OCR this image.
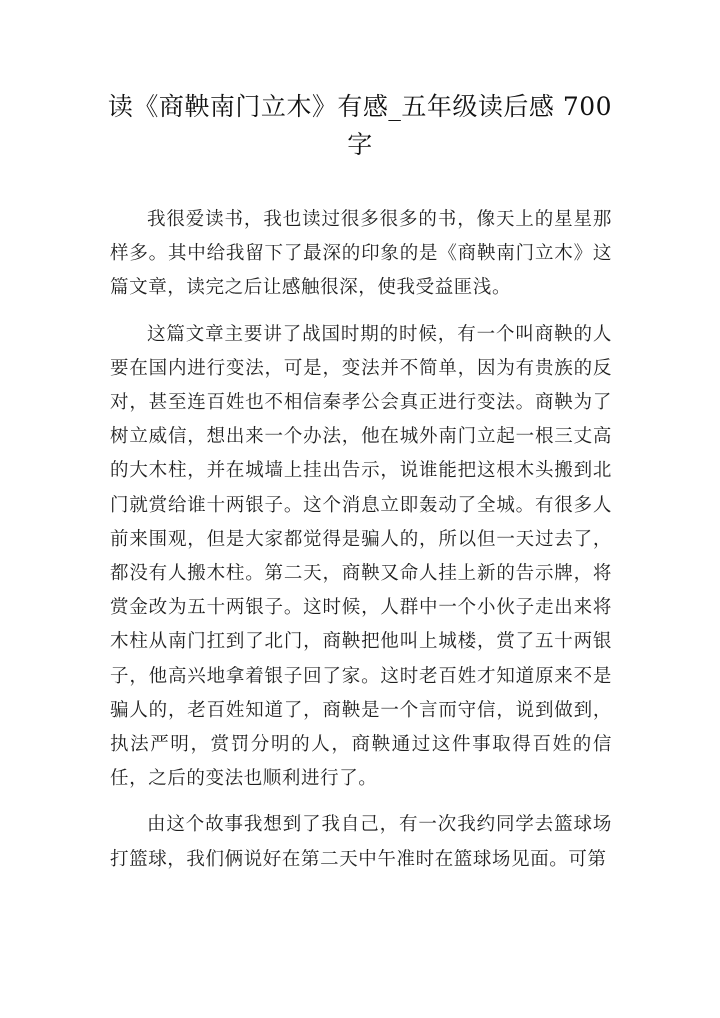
读《商鞅南门立木》有感_五年级读后感 700 字

我很爱读书，我也读过很多很多的书，像天上的星星那样多。其中给我留下了最深的印象的是《商鞅南门立木》这篇文章，读完之后让感触很深，使我受益匪浅。

这篇文章主要讲了战国时期的时候，有一个叫商鞅的人要在国内进行变法，可是，变法并不简单，因为有贵族的反对，甚至连百姓也不相信秦孝公会真正进行变法。商鞅为了树立威信，想出来一个办法，他在城外南门立起一根三丈高的大木柱，并在城墙上挂出告示，说谁能把这根木头搬到北门就赏给谁十两银子。这个消息立即轰动了全城。有很多人前来围观，但是大家都觉得是骗人的，所以但一天过去了，都没有人搬木柱。第二天，商鞅又命人挂上新的告示牌，将赏金改为五十两银子。这时候，人群中一个小伙子走出来将木柱从南门扛到了北门，商鞅把他叫上城楼，赏了五十两银子，他高兴地拿着银子回了家。这时老百姓才知道原来不是骗人的，老百姓知道了，商鞅是一个言而守信，说到做到，执法严明，赏罚分明的人，商鞅通过这件事取得百姓的信任，之后的变法也顺利进行了。

由这个故事我想到了我自己，有一次我约同学去篮球场打篮球，我们俩说好在第二天中午准时在篮球场见面。可第
